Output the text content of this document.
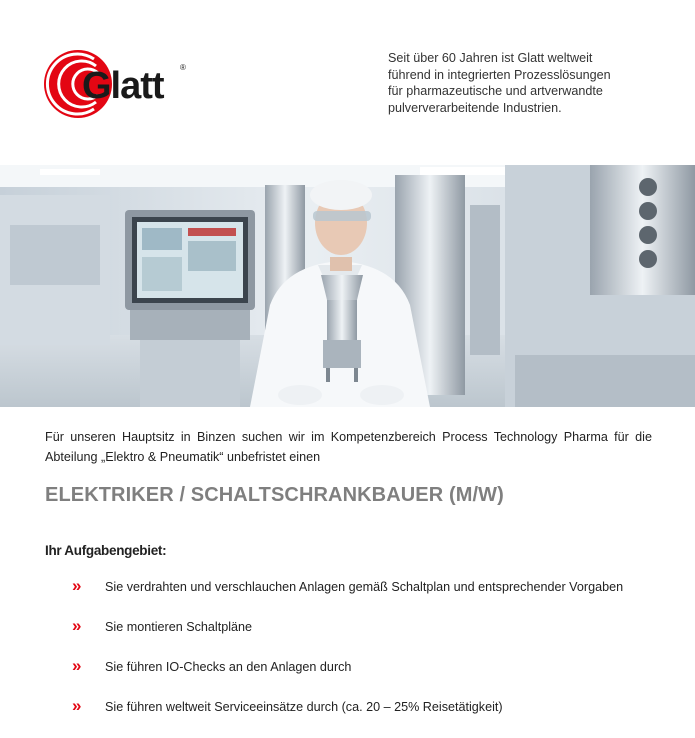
Glatt ®
Seit über 60 Jahren ist Glatt weltweit
führend in integrierten Prozesslösungen
für pharmazeutische und artverwandte
pulververarbeitende Industrien.
Für unseren Hauptsitz in Binzen suchen wir im Kompetenzbereich Process Technology Pharma für die
Abteilung „Elektro & Pneumatik“ unbefristet einen
ELEKTRIKER / SCHALTSCHRANKBAUER (M/W)
Ihr Aufgabengebiet:
» Sie verdrahten und verschlauchen Anlagen gemäß Schaltplan und entsprechender Vorgaben
» Sie montieren Schaltpläne
» Sie führen IO-Checks an den Anlagen durch
» Sie führen weltweit Serviceeinsätze durch (ca. 20 – 25% Reisetätigkeit)
